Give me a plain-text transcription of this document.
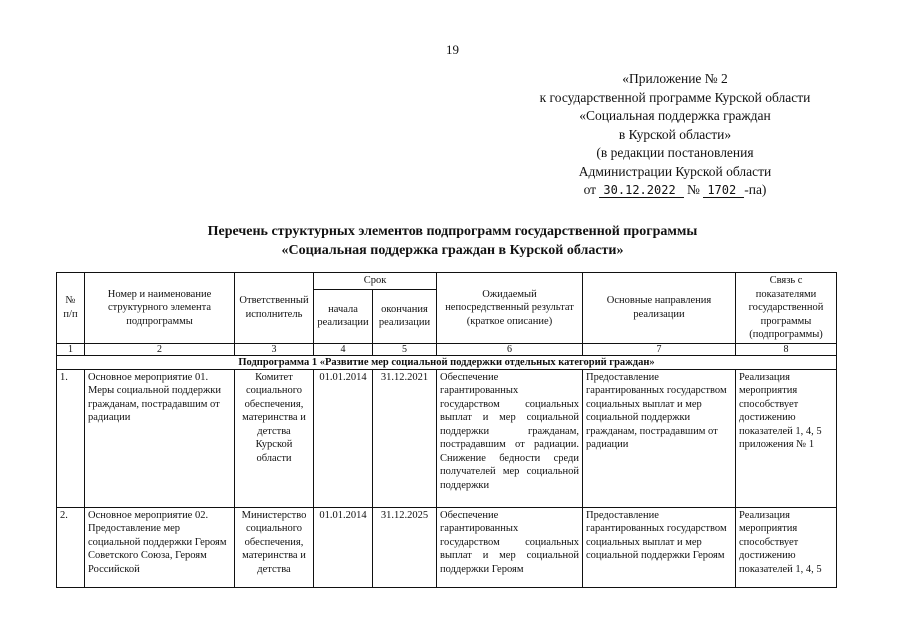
19
«Приложение № 2
к государственной программе Курской области
«Социальная поддержка граждан
в Курской области»
(в редакции постановления
Администрации Курской области
от 30.12.2022 № 1702 -па)
Перечень структурных элементов подпрограмм государственной программы
«Социальная поддержка граждан в Курской области»
№ п/п	Номер и наименование структурного элемента подпрограммы	Ответственный исполнитель	Срок		Ожидаемый непосредственный результат (краткое описание)	Основные направления реализации	Связь с показателями государственной программы (подпрограммы)
			начала реализации	окончания реализации			
1	2	3	4	5	6	7	8
Подпрограмма 1 «Развитие мер социальной поддержки отдельных категорий граждан»							
1.	Основное мероприятие 01. Меры социальной поддержки гражданам, пострадавшим от радиации	Комитет социального обеспечения, материнства и детства Курской области	01.01.2014	31.12.2021	Обеспечение гарантированных государством социальных выплат и мер социальной поддержки гражданам, пострадавшим от радиации. Снижение бедности среди получателей мер социальной поддержки	Предоставление гарантированных государством социальных выплат и мер социальной поддержки гражданам, пострадавшим от радиации	Реализация мероприятия способствует достижению показателей 1, 4, 5 приложения № 1
2.	Основное мероприятие 02. Предоставление мер социальной поддержки Героям Советского Союза, Героям Российской	Министерство социального обеспечения, материнства и детства	01.01.2014	31.12.2025	Обеспечение гарантированных государством социальных выплат и мер социальной поддержки Героям	Предоставление гарантированных государством социальных выплат и мер социальной поддержки Героям	Реализация мероприятия способствует достижению показателей 1, 4, 5
